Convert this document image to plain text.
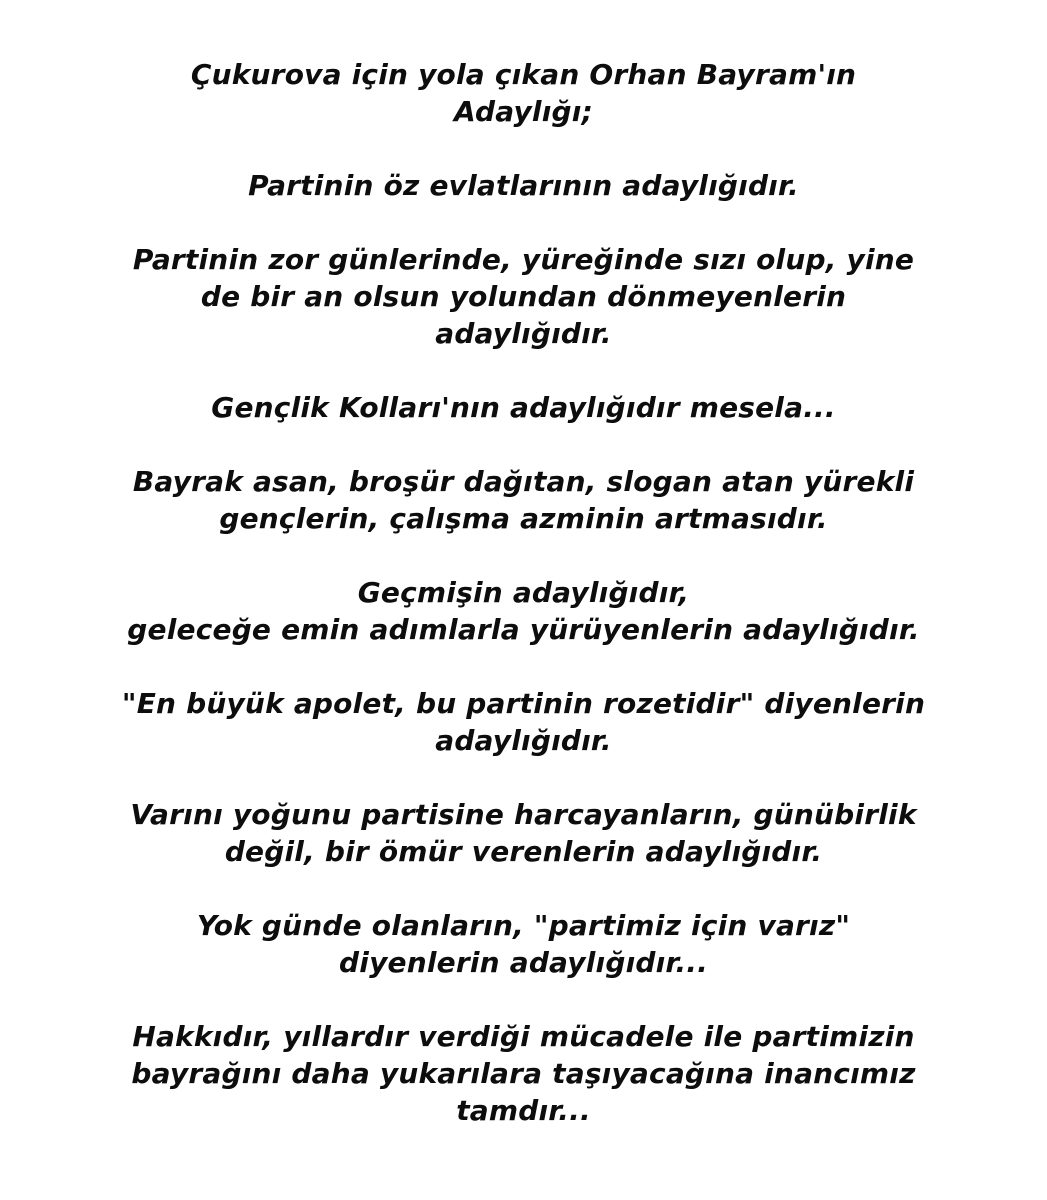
Çukurova için yola çıkan Orhan Bayram'ın
Adaylığı;

Partinin öz evlatlarının adaylığıdır.

Partinin zor günlerinde, yüreğinde sızı olup, yine
de bir an olsun yolundan dönmeyenlerin
adaylığıdır.

Gençlik Kolları'nın adaylığıdır mesela...

Bayrak asan, broşür dağıtan, slogan atan yürekli
gençlerin, çalışma azminin artmasıdır.

Geçmişin adaylığıdır,
geleceğe emin adımlarla yürüyenlerin adaylığıdır.

"En büyük apolet, bu partinin rozetidir" diyenlerin
adaylığıdır.

Varını yoğunu partisine harcayanların, günübirlik
değil, bir ömür verenlerin adaylığıdır.

Yok günde olanların, "partimiz için varız"
diyenlerin adaylığıdır...

Hakkıdır, yıllardır verdiği mücadele ile partimizin
bayrağını daha yukarılara taşıyacağına inancımız
tamdır...
